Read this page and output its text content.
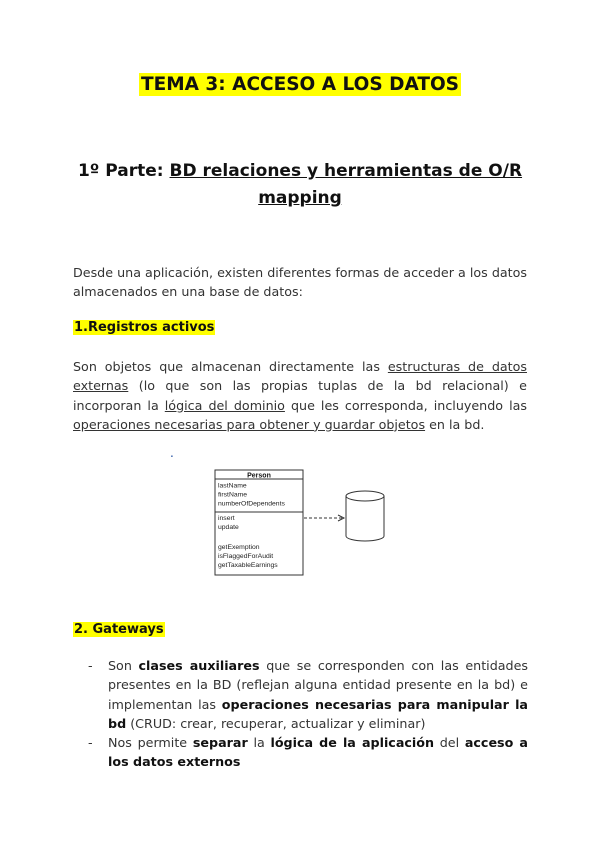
TEMA 3: ACCESO A LOS DATOS
1º Parte: BD relaciones y herramientas de O/R
mapping
Desde una aplicación, existen diferentes formas de acceder a los datos
almacenados en una base de datos:
1.Registros activos
Son objetos que almacenan directamente las estructuras de datos externas (lo que son las propias tuplas de la bd relacional) e incorporan la lógica del dominio que les corresponda, incluyendo las operaciones necesarias para obtener y guardar objetos en la bd.
.
Person
lastName
firstName
numberOfDependents
insert
update
getExemption
isFlaggedForAudit
getTaxableEarnings
2. Gateways
- Son clases auxiliares que se corresponden con las entidades presentes en la BD (reflejan alguna entidad presente en la bd) e implementan las operaciones necesarias para manipular la bd (CRUD: crear, recuperar, actualizar y eliminar)
- Nos permite separar la lógica de la aplicación del acceso a los datos externos
